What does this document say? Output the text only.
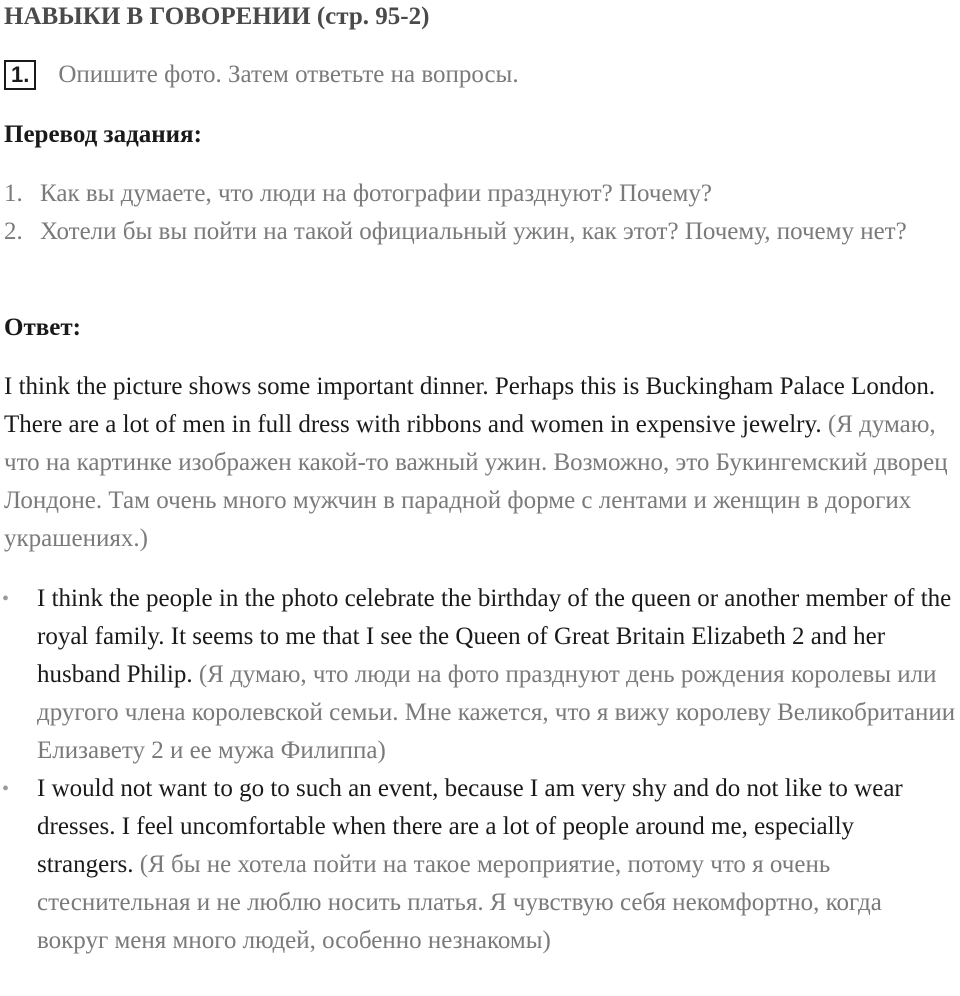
НАВЫКИ В ГОВОРЕНИИ (стр. 95-2)
1. Опишите фото. Затем ответьте на вопросы.
Перевод задания:
1. Как вы думаете, что люди на фотографии празднуют? Почему?
2. Хотели бы вы пойти на такой официальный ужин, как этот? Почему, почему нет?
Ответ:
I think the picture shows some important dinner. Perhaps this is Buckingham Palace London. There are a lot of men in full dress with ribbons and women in expensive jewelry. (Я думаю, что на картинке изображен какой-то важный ужин. Возможно, это Букингемский дворец Лондоне. Там очень много мужчин в парадной форме с лентами и женщин в дорогих украшениях.)
• I think the people in the photo celebrate the birthday of the queen or another member of the royal family. It seems to me that I see the Queen of Great Britain Elizabeth 2 and her husband Philip. (Я думаю, что люди на фото празднуют день рождения королевы или другого члена королевской семьи. Мне кажется, что я вижу королеву Великобритании Елизавету 2 и ее мужа Филиппа)
• I would not want to go to such an event, because I am very shy and do not like to wear dresses. I feel uncomfortable when there are a lot of people around me, especially strangers. (Я бы не хотела пойти на такое мероприятие, потому что я очень стеснительная и не люблю носить платья. Я чувствую себя некомфортно, когда вокруг меня много людей, особенно незнакомы)
